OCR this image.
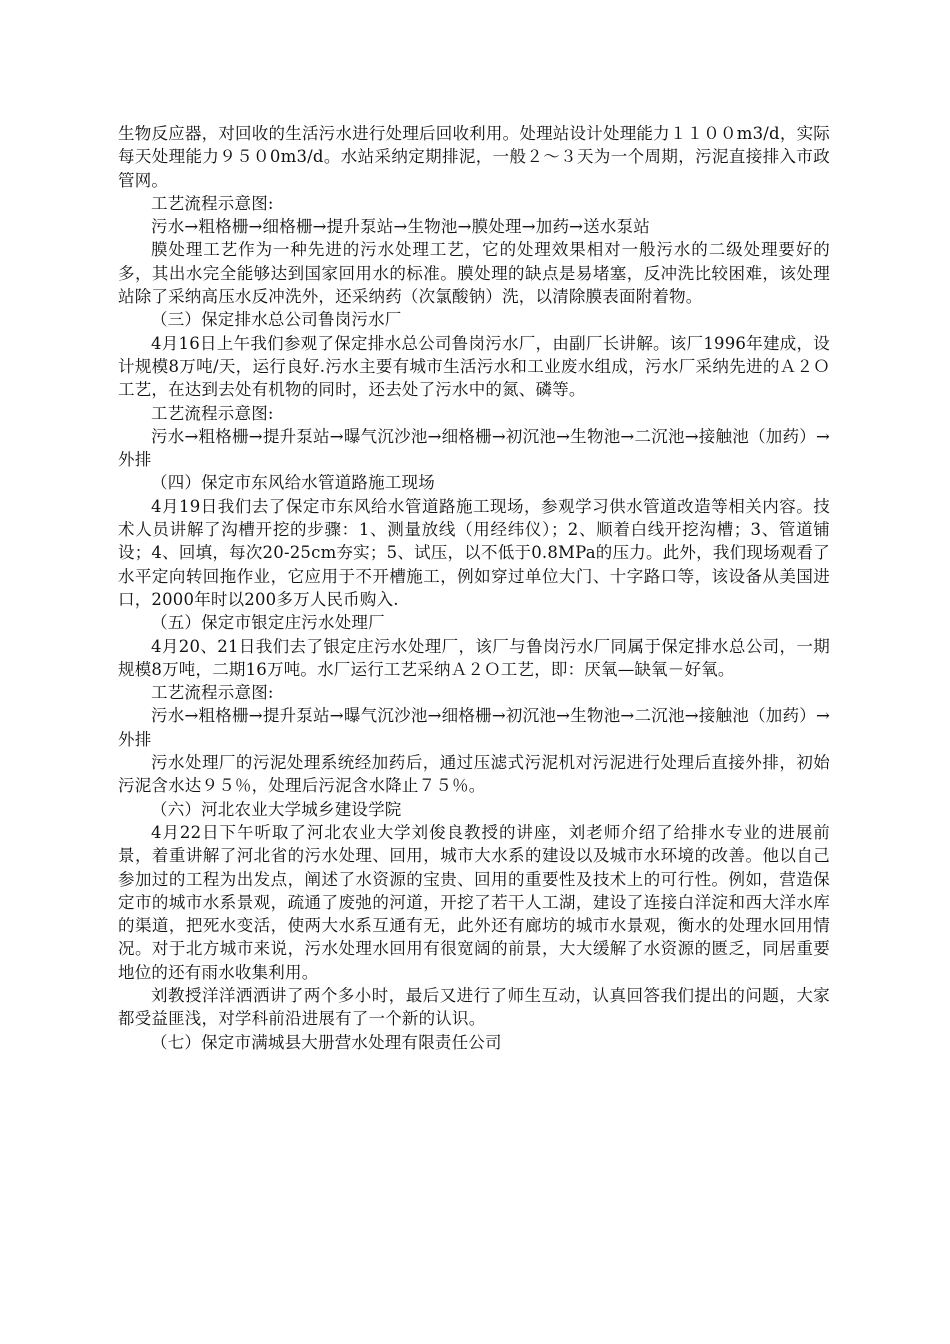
生物反应器，对回收的生活污水进行处理后回收利用。处理站设计处理能力１１００m3/d，实际每天处理能力９５０0m3/d。水站采纳定期排泥，一般２～３天为一个周期，污泥直接排入市政管网。

工艺流程示意图:

污水→粗格栅→细格栅→提升泵站→生物池→膜处理→加药→送水泵站

膜处理工艺作为一种先进的污水处理工艺，它的处理效果相对一般污水的二级处理要好的多，其出水完全能够达到国家回用水的标准。膜处理的缺点是易堵塞，反冲洗比较困难，该处理站除了采纳高压水反冲洗外，还采纳药（次氯酸钠）洗，以清除膜表面附着物。

（三）保定排水总公司鲁岗污水厂

4月16日上午我们参观了保定排水总公司鲁岗污水厂，由副厂长讲解。该厂1996年建成，设计规模8万吨/天，运行良好.污水主要有城市生活污水和工业废水组成，污水厂采纳先进的Ａ２Ｏ工艺，在达到去处有机物的同时，还去处了污水中的氮、磷等。

工艺流程示意图:

污水→粗格栅→提升泵站→曝气沉沙池→细格栅→初沉池→生物池→二沉池→接触池（加药）→外排

（四）保定市东风给水管道路施工现场

4月19日我们去了保定市东风给水管道路施工现场，参观学习供水管道改造等相关内容。技术人员讲解了沟槽开挖的步骤：1、测量放线（用经纬仪）；2、顺着白线开挖沟槽；3、管道铺设；4、回填，每次20-25cm夯实；5、试压，以不低于0.8MPa的压力。此外，我们现场观看了水平定向转回拖作业，它应用于不开槽施工，例如穿过单位大门、十字路口等，该设备从美国进口，2000年时以200多万人民币购入.

（五）保定市银定庄污水处理厂

4月20、21日我们去了银定庄污水处理厂，该厂与鲁岗污水厂同属于保定排水总公司，一期规模8万吨，二期16万吨。水厂运行工艺采纳Ａ２Ｏ工艺，即：厌氧—缺氧－好氧。

工艺流程示意图:

污水→粗格栅→提升泵站→曝气沉沙池→细格栅→初沉池→生物池→二沉池→接触池（加药）→外排

污水处理厂的污泥处理系统经加药后，通过压滤式污泥机对污泥进行处理后直接外排，初始污泥含水达９５％，处理后污泥含水降止７５％。

（六）河北农业大学城乡建设学院

4月22日下午听取了河北农业大学刘俊良教授的讲座，刘老师介绍了给排水专业的进展前景，着重讲解了河北省的污水处理、回用，城市大水系的建设以及城市水环境的改善。他以自己参加过的工程为出发点，阐述了水资源的宝贵、回用的重要性及技术上的可行性。例如，营造保定市的城市水系景观，疏通了废弛的河道，开挖了若干人工湖，建设了连接白洋淀和西大洋水库的渠道，把死水变活，使两大水系互通有无，此外还有廊坊的城市水景观，衡水的处理水回用情况。对于北方城市来说，污水处理水回用有很宽阔的前景，大大缓解了水资源的匮乏，同居重要地位的还有雨水收集利用。

刘教授洋洋洒洒讲了两个多小时，最后又进行了师生互动，认真回答我们提出的问题，大家都受益匪浅，对学科前沿进展有了一个新的认识。

（七）保定市满城县大册营水处理有限责任公司
